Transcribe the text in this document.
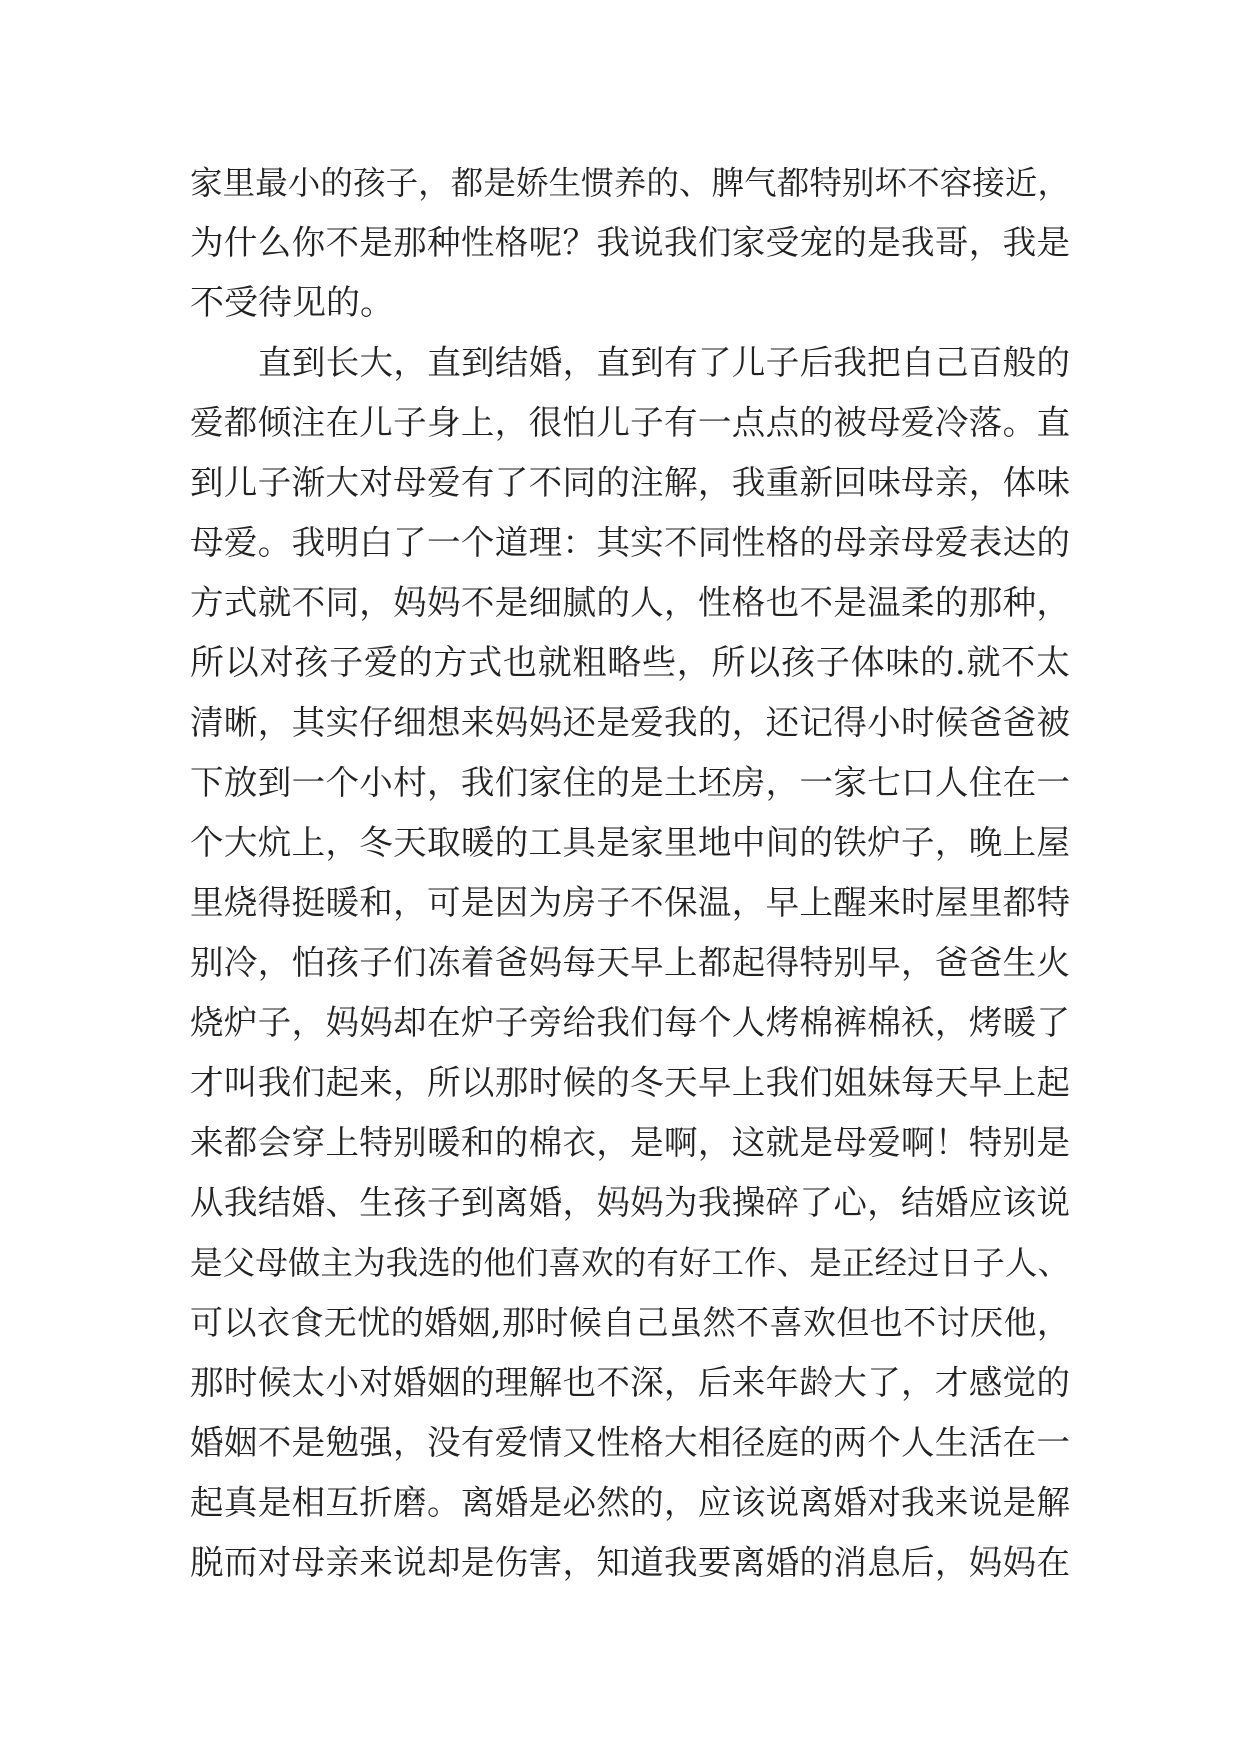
家里最小的孩子，都是娇生惯养的、脾气都特别坏不容接近，
为什么你不是那种性格呢？我说我们家受宠的是我哥，我是
不受待见的。
直到长大，直到结婚，直到有了儿子后我把自己百般的
爱都倾注在儿子身上，很怕儿子有一点点的被母爱冷落。直
到儿子渐大对母爱有了不同的注解，我重新回味母亲，体味
母爱。我明白了一个道理：其实不同性格的母亲母爱表达的
方式就不同，妈妈不是细腻的人，性格也不是温柔的那种，
所以对孩子爱的方式也就粗略些，所以孩子体味的.就不太
清晰，其实仔细想来妈妈还是爱我的，还记得小时候爸爸被
下放到一个小村，我们家住的是土坯房，一家七口人住在一
个大炕上，冬天取暖的工具是家里地中间的铁炉子，晚上屋
里烧得挺暖和，可是因为房子不保温，早上醒来时屋里都特
别冷，怕孩子们冻着爸妈每天早上都起得特别早，爸爸生火
烧炉子，妈妈却在炉子旁给我们每个人烤棉裤棉袄，烤暖了
才叫我们起来，所以那时候的冬天早上我们姐妹每天早上起
来都会穿上特别暖和的棉衣，是啊，这就是母爱啊！特别是
从我结婚、生孩子到离婚，妈妈为我操碎了心，结婚应该说
是父母做主为我选的他们喜欢的有好工作、是正经过日子人、
可以衣食无忧的婚姻,那时候自己虽然不喜欢但也不讨厌他，
那时候太小对婚姻的理解也不深，后来年龄大了，才感觉的
婚姻不是勉强，没有爱情又性格大相径庭的两个人生活在一
起真是相互折磨。离婚是必然的，应该说离婚对我来说是解
脱而对母亲来说却是伤害，知道我要离婚的消息后，妈妈在
